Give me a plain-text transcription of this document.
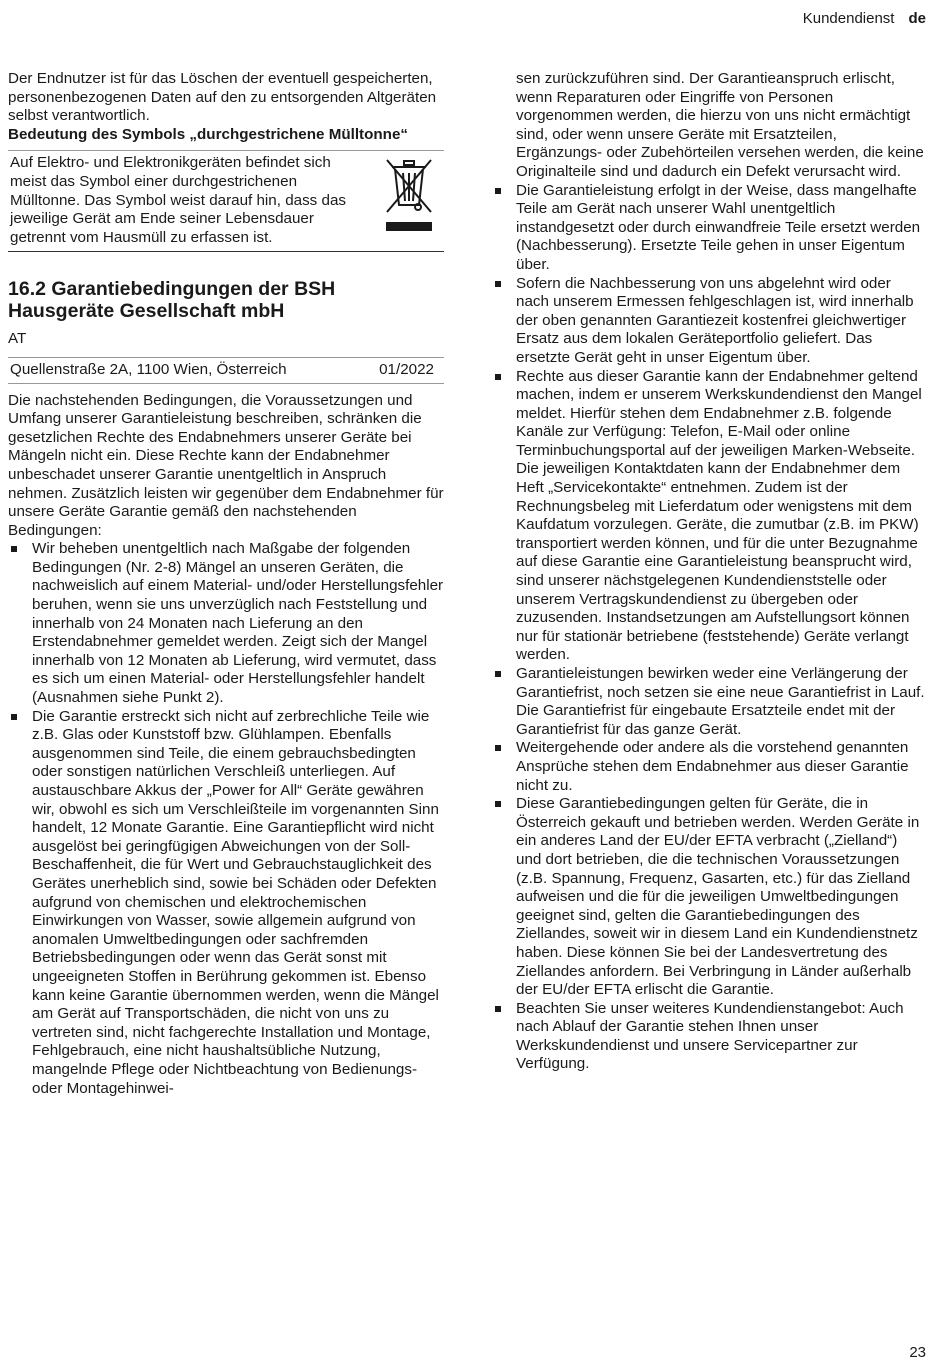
Kundendienst de

Der Endnutzer ist für das Löschen der eventuell gespeicherten, personenbezogenen Daten auf den zu entsorgenden Altgeräten selbst verantwortlich.

Bedeutung des Symbols „durchgestrichene Mülltonne“

Auf Elektro- und Elektronikgeräten befindet sich meist das Symbol einer durchgestrichenen Mülltonne. Das Symbol weist darauf hin, dass das jeweilige Gerät am Ende seiner Lebensdauer getrennt vom Hausmüll zu erfassen ist.

16.2 Garantiebedingungen der BSH Hausgeräte Gesellschaft mbH

AT

Quellenstraße 2A, 1100 Wien, Österreich	01/2022

Die nachstehenden Bedingungen, die Voraussetzungen und Umfang unserer Garantieleistung beschreiben, schränken die gesetzlichen Rechte des Endabnehmers unserer Geräte bei Mängeln nicht ein. Diese Rechte kann der Endabnehmer unbeschadet unserer Garantie unentgeltlich in Anspruch nehmen. Zusätzlich leisten wir gegenüber dem Endabnehmer für unsere Geräte Garantie gemäß den nachstehenden Bedingungen:

Wir beheben unentgeltlich nach Maßgabe der folgenden Bedingungen (Nr. 2-8) Mängel an unseren Geräten, die nachweislich auf einem Material- und/oder Herstellungsfehler beruhen, wenn sie uns unverzüglich nach Feststellung und innerhalb von 24 Monaten nach Lieferung an den Erstendabnehmer gemeldet werden. Zeigt sich der Mangel innerhalb von 12 Monaten ab Lieferung, wird vermutet, dass es sich um einen Material- oder Herstellungsfehler handelt (Ausnahmen siehe Punkt 2).
Die Garantie erstreckt sich nicht auf zerbrechliche Teile wie z.B. Glas oder Kunststoff bzw. Glühlampen. Ebenfalls ausgenommen sind Teile, die einem gebrauchsbedingten oder sonstigen natürlichen Verschleiß unterliegen. Auf austauschbare Akkus der „Power for All“ Geräte gewähren wir, obwohl es sich um Verschleißteile im vorgenannten Sinn handelt, 12 Monate Garantie. Eine Garantiepflicht wird nicht ausgelöst bei geringfügigen Abweichungen von der Soll-Beschaffenheit, die für Wert und Gebrauchstauglichkeit des Gerätes unerheblich sind, sowie bei Schäden oder Defekten aufgrund von chemischen und elektrochemischen Einwirkungen von Wasser, sowie allgemein aufgrund von anomalen Umweltbedingungen oder sachfremden Betriebsbedingungen oder wenn das Gerät sonst mit ungeeigneten Stoffen in Berührung gekommen ist. Ebenso kann keine Garantie übernommen werden, wenn die Mängel am Gerät auf Transportschäden, die nicht von uns zu vertreten sind, nicht fachgerechte Installation und Montage, Fehlgebrauch, eine nicht haushaltsübliche Nutzung, mangelnde Pflege oder Nichtbeachtung von Bedienungs- oder Montagehinwei-
sen zurückzuführen sind. Der Garantieanspruch erlischt, wenn Reparaturen oder Eingriffe von Personen vorgenommen werden, die hierzu von uns nicht ermächtigt sind, oder wenn unsere Geräte mit Ersatzteilen, Ergänzungs- oder Zubehörteilen versehen werden, die keine Originalteile sind und dadurch ein Defekt verursacht wird.
Die Garantieleistung erfolgt in der Weise, dass mangelhafte Teile am Gerät nach unserer Wahl unentgeltlich instandgesetzt oder durch einwandfreie Teile ersetzt werden (Nachbesserung). Ersetzte Teile gehen in unser Eigentum über.
Sofern die Nachbesserung von uns abgelehnt wird oder nach unserem Ermessen fehlgeschlagen ist, wird innerhalb der oben genannten Garantiezeit kostenfrei gleichwertiger Ersatz aus dem lokalen Geräteportfolio geliefert. Das ersetzte Gerät geht in unser Eigentum über.
Rechte aus dieser Garantie kann der Endabnehmer geltend machen, indem er unserem Werkskundendienst den Mangel meldet. Hierfür stehen dem Endabnehmer z.B. folgende Kanäle zur Verfügung: Telefon, E-Mail oder online Terminbuchungsportal auf der jeweiligen Marken-Webseite. Die jeweiligen Kontaktdaten kann der Endabnehmer dem Heft „Servicekontakte“ entnehmen. Zudem ist der Rechnungsbeleg mit Lieferdatum oder wenigstens mit dem Kaufdatum vorzulegen. Geräte, die zumutbar (z.B. im PKW) transportiert werden können, und für die unter Bezugnahme auf diese Garantie eine Garantieleistung beansprucht wird, sind unserer nächstgelegenen Kundendienststelle oder unserem Vertragskundendienst zu übergeben oder zuzusenden. Instandsetzungen am Aufstellungsort können nur für stationär betriebene (feststehende) Geräte verlangt werden.
Garantieleistungen bewirken weder eine Verlängerung der Garantiefrist, noch setzen sie eine neue Garantiefrist in Lauf. Die Garantiefrist für eingebaute Ersatzteile endet mit der Garantiefrist für das ganze Gerät.
Weitergehende oder andere als die vorstehend genannten Ansprüche stehen dem Endabnehmer aus dieser Garantie nicht zu.
Diese Garantiebedingungen gelten für Geräte, die in Österreich gekauft und betrieben werden. Werden Geräte in ein anderes Land der EU/der EFTA verbracht („Zielland“) und dort betrieben, die die technischen Voraussetzungen (z.B. Spannung, Frequenz, Gasarten, etc.) für das Zielland aufweisen und die für die jeweiligen Umweltbedingungen geeignet sind, gelten die Garantiebedingungen des Ziellandes, soweit wir in diesem Land ein Kundendienstnetz haben. Diese können Sie bei der Landesvertretung des Ziellandes anfordern. Bei Verbringung in Länder außerhalb der EU/der EFTA erlischt die Garantie.
Beachten Sie unser weiteres Kundendienstangebot: Auch nach Ablauf der Garantie stehen Ihnen unser Werkskundendienst und unsere Servicepartner zur Verfügung.
23
